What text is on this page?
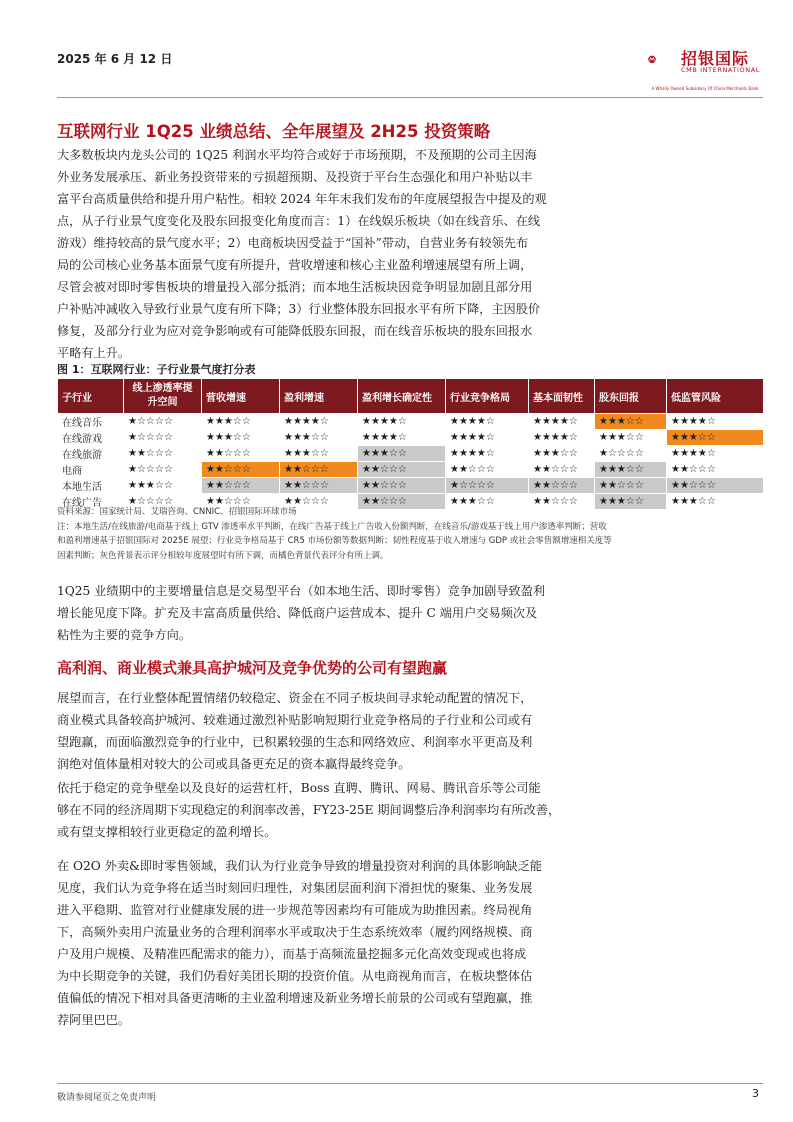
2025 年 6 月 12 日	招银国际
CMB INTERNATIONAL
A Wholly Owned Subsidiary Of China Merchants Bank
互联网行业 1Q25 业绩总结、全年展望及 2H25 投资策略
大多数板块内龙头公司的 1Q25 利润水平均符合或好于市场预期，不及预期的公司主因海
外业务发展承压、新业务投资带来的亏损超预期、及投资于平台生态强化和用户补贴以丰
富平台高质量供给和提升用户粘性。相较 2024 年年末我们发布的年度展望报告中提及的观
点，从子行业景气度变化及股东回报变化角度而言：1）在线娱乐板块（如在线音乐、在线
游戏）维持较高的景气度水平；2）电商板块因受益于“国补”带动，自营业务有较领先布
局的公司核心业务基本面景气度有所提升，营收增速和核心主业盈利增速展望有所上调，
尽管会被对即时零售板块的增量投入部分抵消；而本地生活板块因竞争明显加剧且部分用
户补贴冲减收入导致行业景气度有所下降；3）行业整体股东回报水平有所下降，主因股价
修复，及部分行业为应对竞争影响或有可能降低股东回报，而在线音乐板块的股东回报水
平略有上升。
图 1：互联网行业：子行业景气度打分表
子行业	线上渗透率提升空间	营收增速	盈利增速	盈利增长确定性	行业竞争格局	基本面韧性	股东回报	低监管风险
在线音乐	★☆☆☆☆	★★★☆☆	★★★★☆	★★★★☆	★★★★☆	★★★★☆	★★★☆☆	★★★★☆
在线游戏	★☆☆☆☆	★★★☆☆	★★★☆☆	★★★★☆	★★★★☆	★★★★☆	★★★☆☆	★★★☆☆
在线旅游	★★☆☆☆	★★☆☆☆	★★★☆☆	★★★☆☆	★★★★☆	★★★☆☆	★☆☆☆☆	★★★★☆
电商	★☆☆☆☆	★★☆☆☆	★★☆☆☆	★★☆☆☆	★★☆☆☆	★★☆☆☆	★★★☆☆	★★☆☆☆
本地生活	★★★☆☆	★★☆☆☆	★★☆☆☆	★★☆☆☆	★☆☆☆☆	★★☆☆☆	★★☆☆☆	★★☆☆☆
在线广告	★☆☆☆☆	★★☆☆☆	★★☆☆☆	★★☆☆☆	★★★☆☆	★★☆☆☆	★★★☆☆	★★★☆☆
资料来源：国家统计局、艾瑞咨询、CNNIC、招银国际环球市场
注：本地生活/在线旅游/电商基于线上 GTV 渗透率水平判断，在线广告基于线上广告收入份额判断，在线音乐/游戏基于线上用户渗透率判断；营收
和盈利增速基于招银国际对 2025E 展望；行业竞争格局基于 CR5 市场份额等数据判断；韧性程度基于收入增速与 GDP 或社会零售额增速相关度等
因素判断；灰色背景表示评分相较年度展望时有所下调，而橘色背景代表评分有所上调。
1Q25 业绩期中的主要增量信息是交易型平台（如本地生活、即时零售）竞争加剧导致盈利
增长能见度下降。扩充及丰富高质量供给、降低商户运营成本、提升 C 端用户交易频次及
粘性为主要的竞争方向。
高利润、商业模式兼具高护城河及竞争优势的公司有望跑赢
展望而言，在行业整体配置情绪仍较稳定、资金在不同子板块间寻求轮动配置的情况下，
商业模式具备较高护城河、较难通过激烈补贴影响短期行业竞争格局的子行业和公司或有
望跑赢，而面临激烈竞争的行业中，已积累较强的生态和网络效应、利润率水平更高及利
润绝对值体量相对较大的公司或具备更充足的资本赢得最终竞争。
依托于稳定的竞争壁垒以及良好的运营杠杆，Boss 直聘、腾讯、网易、腾讯音乐等公司能
够在不同的经济周期下实现稳定的利润率改善，FY23-25E 期间调整后净利润率均有所改善，
或有望支撑相较行业更稳定的盈利增长。
在 O2O 外卖&即时零售领域，我们认为行业竞争导致的增量投资对利润的具体影响缺乏能
见度，我们认为竞争将在适当时刻回归理性，对集团层面利润下滑担忧的聚集、业务发展
进入平稳期、监管对行业健康发展的进一步规范等因素均有可能成为助推因素。终局视角
下，高频外卖用户流量业务的合理利润率水平或取决于生态系统效率（履约网络规模、商
户及用户规模、及精准匹配需求的能力），而基于高频流量挖掘多元化高效变现或也将成
为中长期竞争的关键，我们仍看好美团长期的投资价值。从电商视角而言，在板块整体估
值偏低的情况下相对具备更清晰的主业盈利增速及新业务增长前景的公司或有望跑赢，推
荐阿里巴巴。
敬请参阅尾页之免责声明	3
